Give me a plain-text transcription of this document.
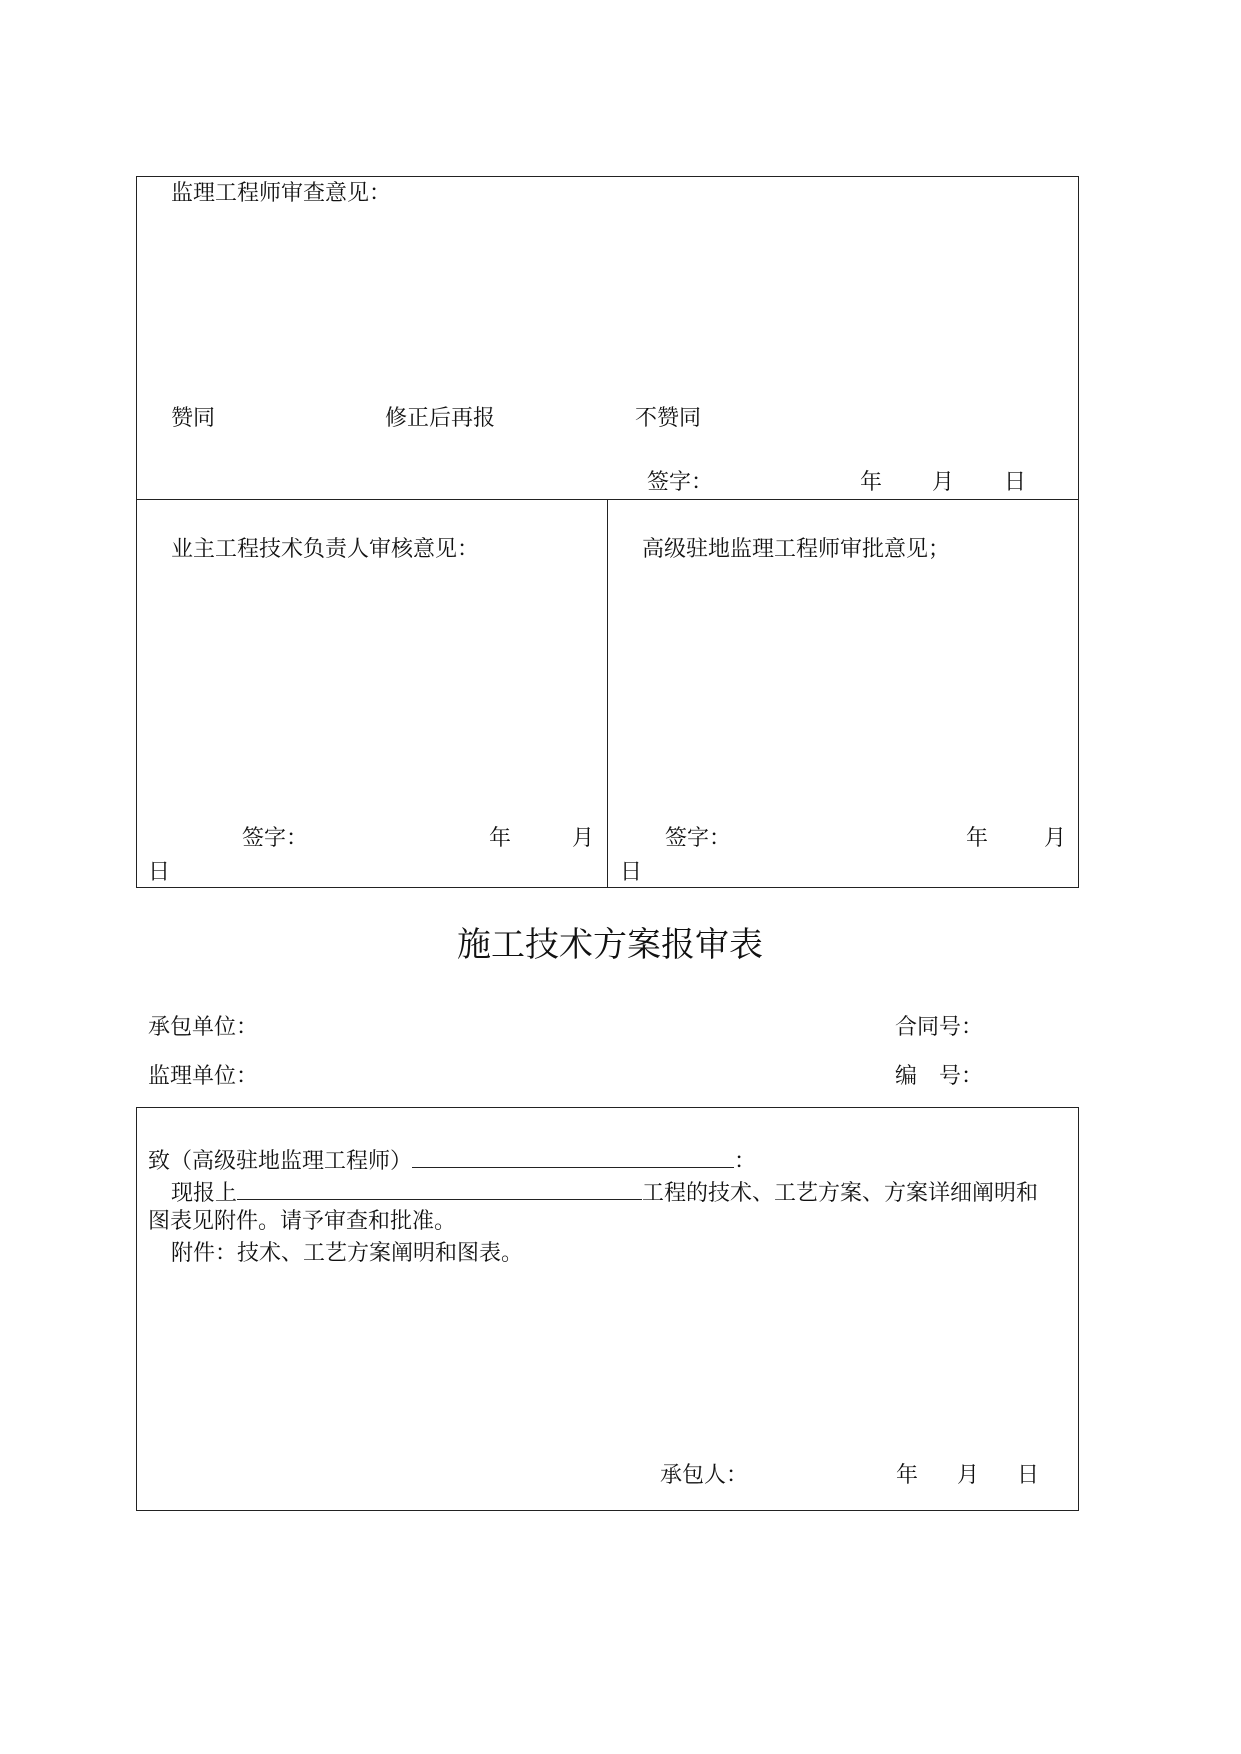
监理工程师审查意见：
赞同	修正后再报	不赞同
签字：	年 月 日
业主工程技术负责人审核意见：	高级驻地监理工程师审批意见；
签字：	年	月
日
签字：	年	月
日
施工技术方案报审表
承包单位：	合同号：
监理单位：	编　号：
致（高级驻地监理工程师）	：
现报上	工程的技术、工艺方案、方案详细阐明和
图表见附件。请予审查和批准。
附件：技术、工艺方案阐明和图表。
承包人：	年 月 日
